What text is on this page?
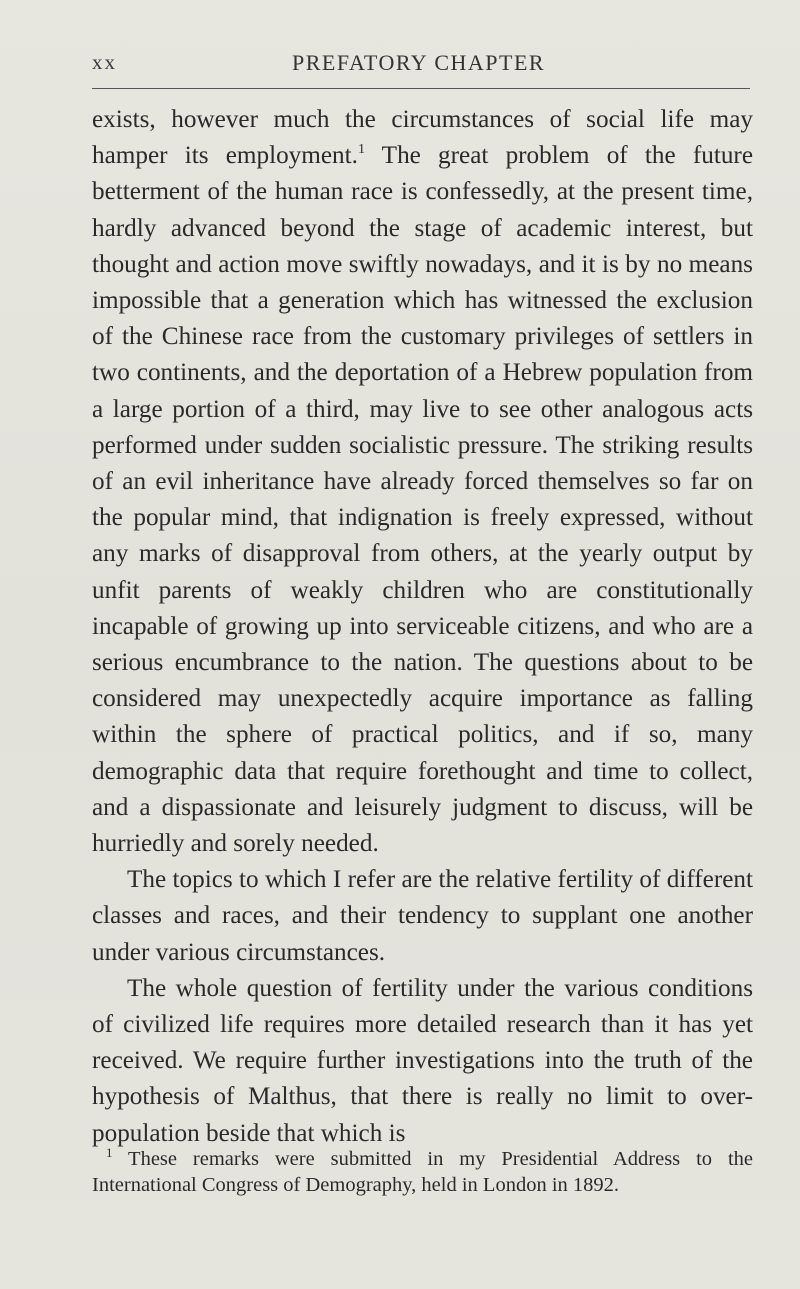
xx	PREFATORY CHAPTER

exists, however much the circumstances of social life may hamper its employment.$^1$ The great problem of the future betterment of the human race is confessedly, at the present time, hardly advanced beyond the stage of academic interest, but thought and action move swiftly nowadays, and it is by no means impossible that a generation which has witnessed the exclusion of the Chinese race from the customary privileges of settlers in two continents, and the deportation of a Hebrew population from a large portion of a third, may live to see other analogous acts performed under sudden socialistic pressure. The striking results of an evil inheritance have already forced themselves so far on the popular mind, that indignation is freely expressed, without any marks of disapproval from others, at the yearly output by unfit parents of weakly children who are constitutionally incapable of growing up into serviceable citizens, and who are a serious encumbrance to the nation. The questions about to be considered may unexpectedly acquire importance as falling within the sphere of practical politics, and if so, many demographic data that require forethought and time to collect, and a dispassionate and leisurely judgment to discuss, will be hurriedly and sorely needed.

The topics to which I refer are the relative fertility of different classes and races, and their tendency to supplant one another under various circumstances.

The whole question of fertility under the various conditions of civilized life requires more detailed research than it has yet received. We require further investigations into the truth of the hypothesis of Malthus, that there is really no limit to over-population beside that which is

$^1$ These remarks were submitted in my Presidential Address to the International Congress of Demography, held in London in 1892.
